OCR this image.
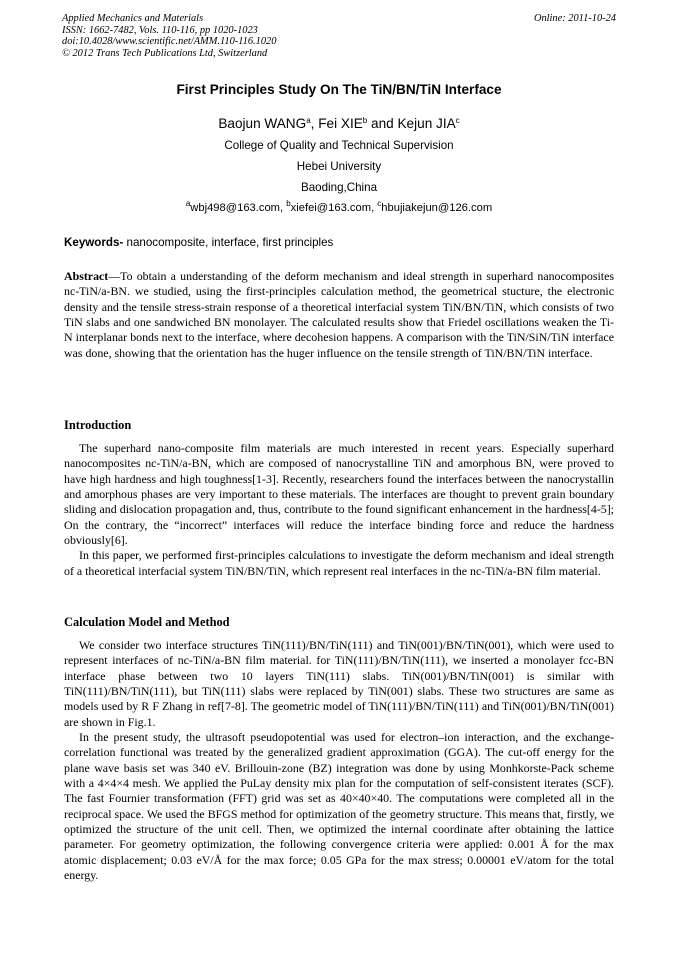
Applied Mechanics and Materials
ISSN: 1662-7482, Vols. 110-116, pp 1020-1023
doi:10.4028/www.scientific.net/AMM.110-116.1020
© 2012 Trans Tech Publications Ltd, Switzerland
Online: 2011-10-24
First Principles Study On The TiN/BN/TiN Interface
Baojun WANG$^a$, Fei XIE$^b$ and Kejun JIA$^c$
College of Quality and Technical Supervision
Hebei University
Baoding,China
$^a$wbj498@163.com, $^b$xiefei@163.com, $^c$hbujiakejun@126.com
Keywords- nanocomposite, interface, first principles

Abstract—To obtain a understanding of the deform mechanism and ideal strength in superhard nanocomposites nc-TiN/a-BN. we studied, using the first-principles calculation method, the geometrical stucture, the electronic density and the tensile stress-strain response of a theoretical interfacial system TiN/BN/TiN, which consists of two TiN slabs and one sandwiched BN monolayer. The calculated results show that Friedel oscillations weaken the Ti-N interplanar bonds next to the interface, where decohesion happens. A comparison with the TiN/SiN/TiN interface was done, showing that the orientation has the huger influence on the tensile strength of TiN/BN/TiN interface.

Introduction

The superhard nano-composite film materials are much interested in recent years. Especially superhard nanocomposites nc-TiN/a-BN, which are composed of nanocrystalline TiN and amorphous BN, were proved to have high hardness and high toughness[1-3]. Recently, researchers found the interfaces between the nanocrystallin and amorphous phases are very important to these materials. The interfaces are thought to prevent grain boundary sliding and dislocation propagation and, thus, contribute to the found significant enhancement in the hardness[4-5]; On the contrary, the “incorrect” interfaces will reduce the interface binding force and reduce the hardness obviously[6].

In this paper, we performed first-principles calculations to investigate the deform mechanism and ideal strength of a theoretical interfacial system TiN/BN/TiN, which represent real interfaces in the nc-TiN/a-BN film material.

Calculation Model and Method

We consider two interface structures TiN(111)/BN/TiN(111) and TiN(001)/BN/TiN(001), which were used to represent interfaces of nc-TiN/a-BN film material. for TiN(111)/BN/TiN(111), we inserted a monolayer fcc-BN interface phase between two 10 layers TiN(111) slabs. TiN(001)/BN/TiN(001) is similar with TiN(111)/BN/TiN(111), but TiN(111) slabs were replaced by TiN(001) slabs. These two structures are same as models used by R F Zhang in ref[7-8]. The geometric model of TiN(111)/BN/TiN(111) and TiN(001)/BN/TiN(001) are shown in Fig.1.

In the present study, the ultrasoft pseudopotential was used for electron–ion interaction, and the exchange-correlation functional was treated by the generalized gradient approximation (GGA). The cut-off energy for the plane wave basis set was 340 eV. Brillouin-zone (BZ) integration was done by using Monhkorste-Pack scheme with a 4×4×4 mesh. We applied the PuLay density mix plan for the computation of self-consistent iterates (SCF). The fast Fournier transformation (FFT) grid was set as 40×40×40. The computations were completed all in the reciprocal space. We used the BFGS method for optimization of the geometry structure. This means that, firstly, we optimized the structure of the unit cell. Then, we optimized the internal coordinate after obtaining the lattice parameter. For geometry optimization, the following convergence criteria were applied: 0.001 Å for the max atomic displacement; 0.03 eV/Å for the max force; 0.05 GPa for the max stress; 0.00001 eV/atom for the total energy.
